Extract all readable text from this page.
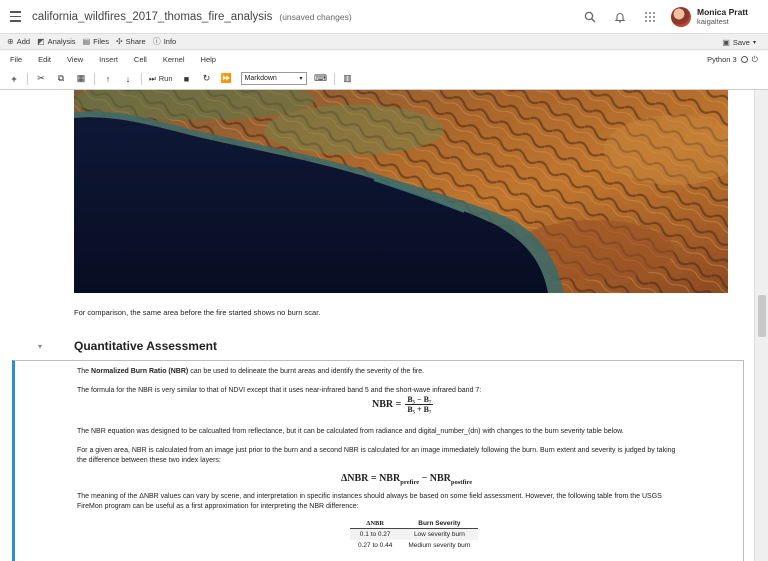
california_wildfires_2017_thomas_fire_analysis (unsaved changes)	Monica Pratt
kaigaltest
⊕ Add ◩ Analysis ▤ Files ✣ Share ⓘ Info	▣ Save ▾
File Edit View Insert Cell Kernel Help	Python 3 ⏻
+	✂	⧉	▦	↑	↓	⏭ Run	■	↻	⏩	Markdown	▾	⌨	▥
For comparison, the same area before the fire started shows no burn scar.
▾	Quantitative Assessment
The Normalized Burn Ratio (NBR) can be used to delineate the burnt areas and identify the severity of the fire.
The formula for the NBR is very similar to that of NDVI except that it uses near-infrared band 5 and the short-wave infrared band 7:
NBR = $\frac{\text{B₅ − B₇}}{\text{B₅ + B₇}}$
The NBR equation was designed to be calcualted from reflectance, but it can be calculated from radiance and digital_number_(dn) with changes to the burn severity table below.
For a given area, NBR is calculated from an image just prior to the burn and a second NBR is calculated for an image immediately following the burn. Burn extent and severity is judged by taking
the difference between these two index layers:
$\Delta NBR = NBR_{prefire} - NBR_{postfire}$
The meaning of the ΔNBR values can vary by scene, and interpretation in specific instances should always be based on some field assessment. However, the following table from the USGS
FireMon program can be useful as a first approximation for interpreting the NBR difference:
ΔNBR	Burn Severity
0.1 to 0.27	Low severity burn
0.27 to 0.44	Medium severity burn
